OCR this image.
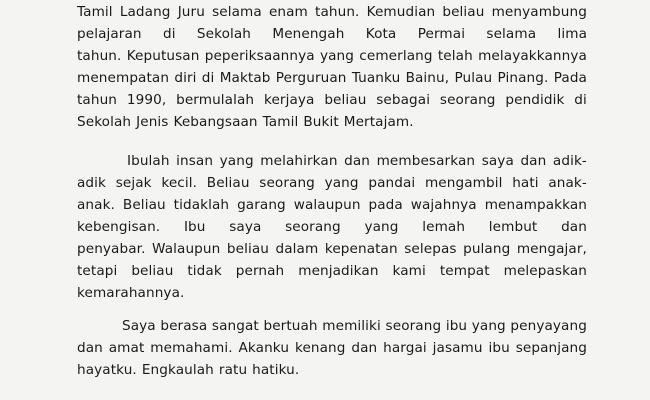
Tamil Ladang Juru selama enam tahun. Kemudian beliau menyambung
pelajaran di Sekolah Menengah Kota Permai selama lima
tahun. Keputusan peperiksaannya yang cemerlang telah melayakkannya
menempatan diri di Maktab Perguruan Tuanku Bainu, Pulau Pinang. Pada
tahun 1990, bermulalah kerjaya beliau sebagai seorang pendidik di
Sekolah Jenis Kebangsaan Tamil Bukit Mertajam.
Ibulah insan yang melahirkan dan membesarkan saya dan adik-
adik sejak kecil. Beliau seorang yang pandai mengambil hati anak-
anak. Beliau tidaklah garang walaupun pada wajahnya menampakkan
kebengisan. Ibu saya seorang yang lemah lembut dan
penyabar. Walaupun beliau dalam kepenatan selepas pulang mengajar,
tetapi beliau tidak pernah menjadikan kami tempat melepaskan
kemarahannya.
Saya berasa sangat bertuah memiliki seorang ibu yang penyayang
dan amat memahami. Akanku kenang dan hargai jasamu ibu sepanjang
hayatku. Engkaulah ratu hatiku.
